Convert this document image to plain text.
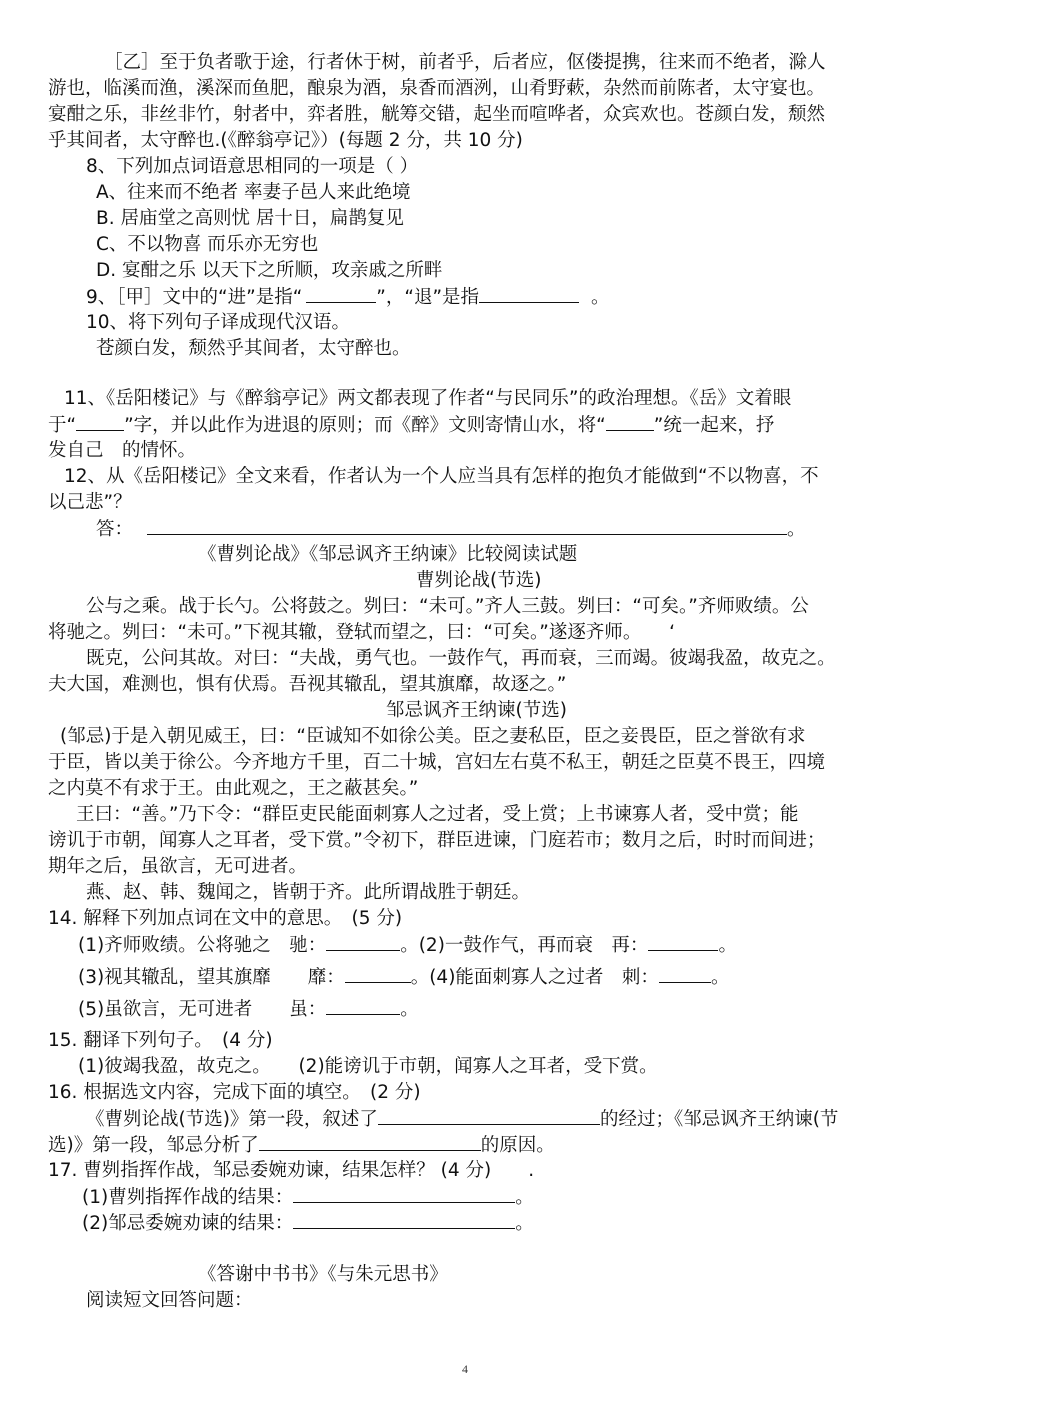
［乙］至于负者歌于途，行者休于树，前者乎，后者应，伛偻提携，往来而不绝者，滁人
游也，临溪而渔，溪深而鱼肥，酿泉为酒，泉香而酒洌，山肴野蔌，杂然而前陈者，太守宴也。
宴酣之乐，非丝非竹，射者中，弈者胜，觥筹交错，起坐而喧哗者，众宾欢也。苍颜白发，颓然
乎其间者，太守醉也.(《醉翁亭记》）(每题 2 分，共 10 分)
8、下列加点词语意思相同的一项是（ ）
A、往来而不绝者 率妻子邑人来此绝境
B. 居庙堂之高则忧 居十日，扁鹊复见
C、不以物喜 而乐亦无穷也
D. 宴酣之乐 以天下之所顺，攻亲戚之所畔
9、［甲］文中的“进”是指“	”，“退”是指	。
10、将下列句子译成现代汉语。
苍颜白发，颓然乎其间者，太守醉也。
11、《岳阳楼记》与《醉翁亭记》两文都表现了作者“与民同乐”的政治理想。《岳》文着眼
于“	”字，并以此作为进退的原则；而《醉》文则寄情山水，将“	”统一起来，抒
发自己　的情怀。
12、从《岳阳楼记》全文来看，作者认为一个人应当具有怎样的抱负才能做到“不以物喜，不
以己悲”？
答：	。
《曹刿论战》《邹忌讽齐王纳谏》比较阅读试题
曹刿论战(节选)
公与之乘。战于长勺。公将鼓之。刿曰：“未可。”齐人三鼓。刿曰：“可矣。”齐师败绩。公
将驰之。刿曰：“未可。”下视其辙，登轼而望之，曰：“可矣。”遂逐齐师。　　‘
既克，公问其故。对曰：“夫战，勇气也。一鼓作气，再而衰，三而竭。彼竭我盈，故克之。
夫大国，难测也，惧有伏焉。吾视其辙乱，望其旗靡，故逐之。”
邹忌讽齐王纳谏(节选)
(邹忌)于是入朝见威王，曰：“臣诚知不如徐公美。臣之妻私臣，臣之妾畏臣，臣之誉欲有求
于臣，皆以美于徐公。今齐地方千里，百二十城，宫妇左右莫不私王，朝廷之臣莫不畏王，四境
之内莫不有求于王。由此观之，王之蔽甚矣。”
王曰：“善。”乃下令：“群臣吏民能面刺寡人之过者，受上赏；上书谏寡人者，受中赏；能
谤讥于市朝，闻寡人之耳者，受下赏。”令初下，群臣进谏，门庭若市；数月之后，时时而间进；
期年之后，虽欲言，无可进者。
燕、赵、韩、魏闻之，皆朝于齐。此所谓战胜于朝廷。
14. 解释下列加点词在文中的意思。　(5 分)
(1)齐师败绩。公将驰之　驰：	。(2)一鼓作气，再而衰　再：	。
(3)视其辙乱，望其旗靡　　靡：	。(4)能面刺寡人之过者　刺：	。
(5)虽欲言，无可进者　　虽：	。
15. 翻译下列句子。　(4 分)
(1)彼竭我盈，故克之。　　(2)能谤讥于市朝，闻寡人之耳者，受下赏。
16. 根据选文内容，完成下面的填空。　(2 分)
《曹刿论战(节选)》第一段，叙述了	的经过；《邹忌讽齐王纳谏(节
选)》第一段，邹忌分析了	的原因。
17. 曹刿指挥作战，邹忌委婉劝谏，结果怎样？ (4 分)　　.
(1)曹刿指挥作战的结果：	。
(2)邹忌委婉劝谏的结果：	。
《答谢中书书》《与朱元思书》
阅读短文回答问题：
4
